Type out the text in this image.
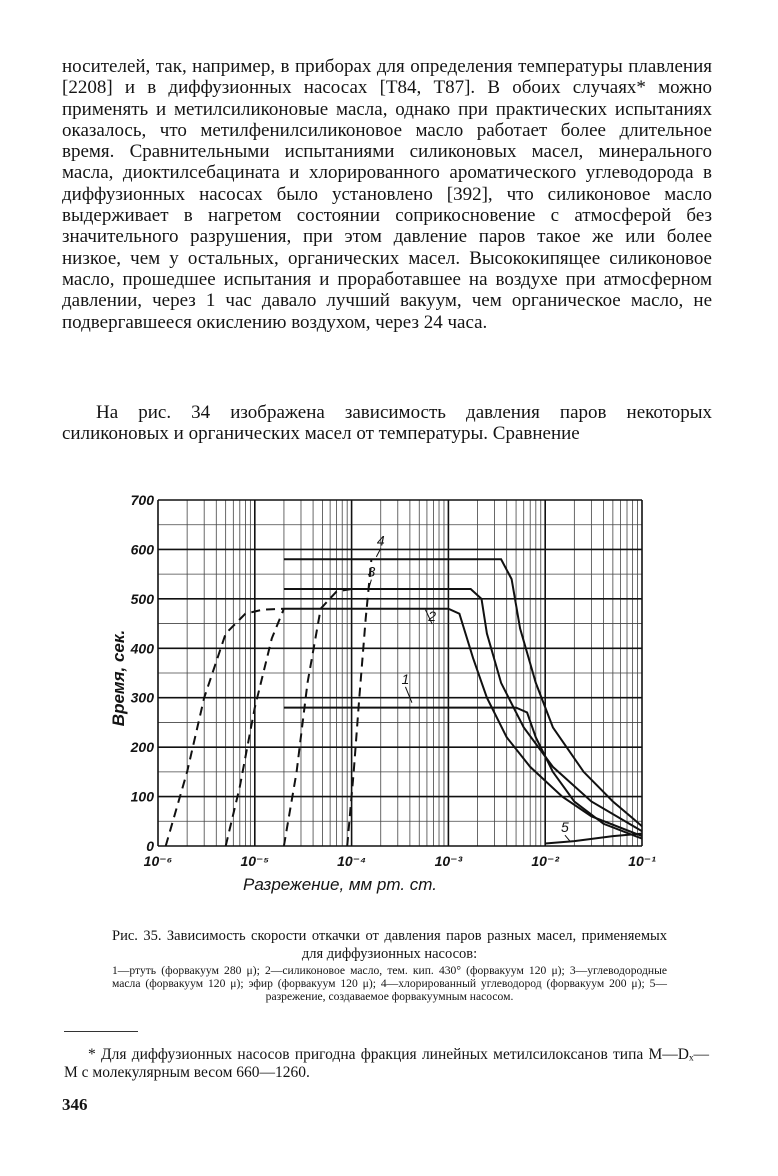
носителей, так, например, в приборах для определения температуры плавления [2208] и в диффузионных насосах [Т84, Т87]. В обоих случаях* можно применять и метилсиликоновые масла, однако при практических испытаниях оказалось, что метилфенилсиликоновое масло работает более длительное время. Сравнительными испытаниями силиконовых масел, минерального масла, диоктилсебацината и хлорированного ароматического углеводорода в диффузионных насосах было установлено [392], что силиконовое масло выдерживает в нагретом состоянии соприкосновение с атмосферой без значительного разрушения, при этом давление паров такое же или более низкое, чем у остальных, органических масел. Высококипящее силиконовое масло, прошедшее испытания и проработавшее на воздухе при атмосферном давлении, через 1 час давало лучший вакуум, чем органическое масло, не подвергавшееся окислению воздухом, через 24 часа.

На рис. 34 изображена зависимость давления паров некоторых силиконовых и органических масел от температуры. Сравнение

0
100
200
300
400
500
600
700
10⁻⁶	10⁻⁵	10⁻⁴	10⁻³	10⁻²	10⁻¹
1
2
3
4
5
Разрежение, мм рт. ст.
Время, сек.

Рис. 35. Зависимость скорости откачки от давления паров разных масел, применяемых для диффузионных насосов:

1—ртуть (форвакуум 280 μ); 2—силиконовое масло, тем. кип. 430° (форвакуум 120 μ); 3—углеводородные масла (форвакуум 120 μ); эфир (форвакуум 120 μ); 4—хлорированный углеводород (форвакуум 200 μ); 5—разрежение, создаваемое форвакуумным насосом.

* Для диффузионных насосов пригодна фракция линейных метилсилоксанов типа M—Dₓ—M с молекулярным весом 660—1260.

346
